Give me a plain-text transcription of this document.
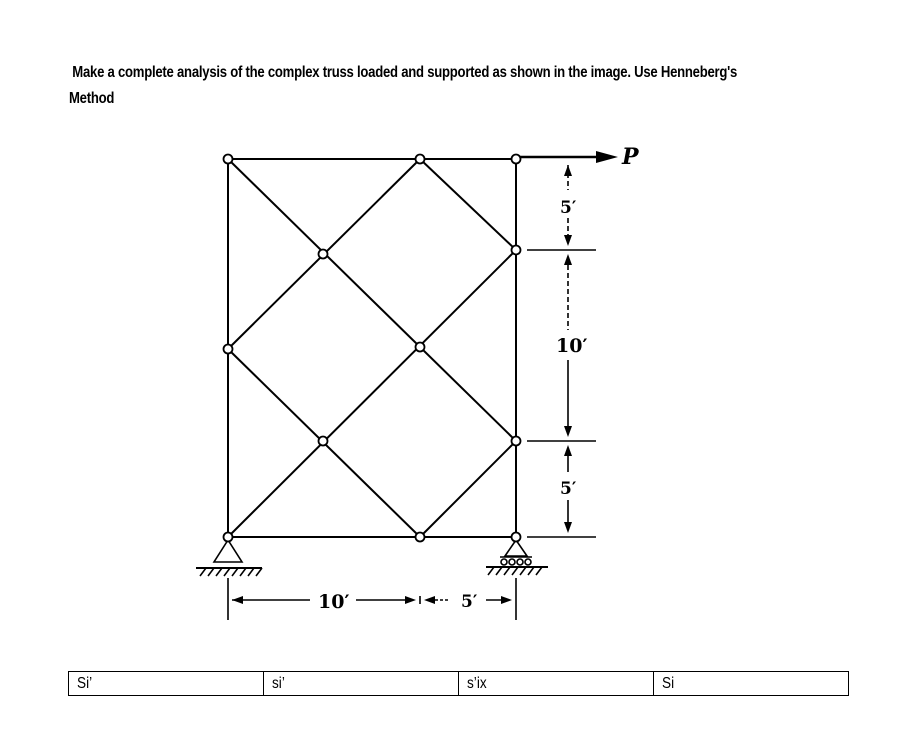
Make a complete analysis of the complex truss loaded and supported as shown in the image. Use Henneberg's
Method
5′
10′
5′
10′	5′
P
Si’	si’	s’ix	Si
